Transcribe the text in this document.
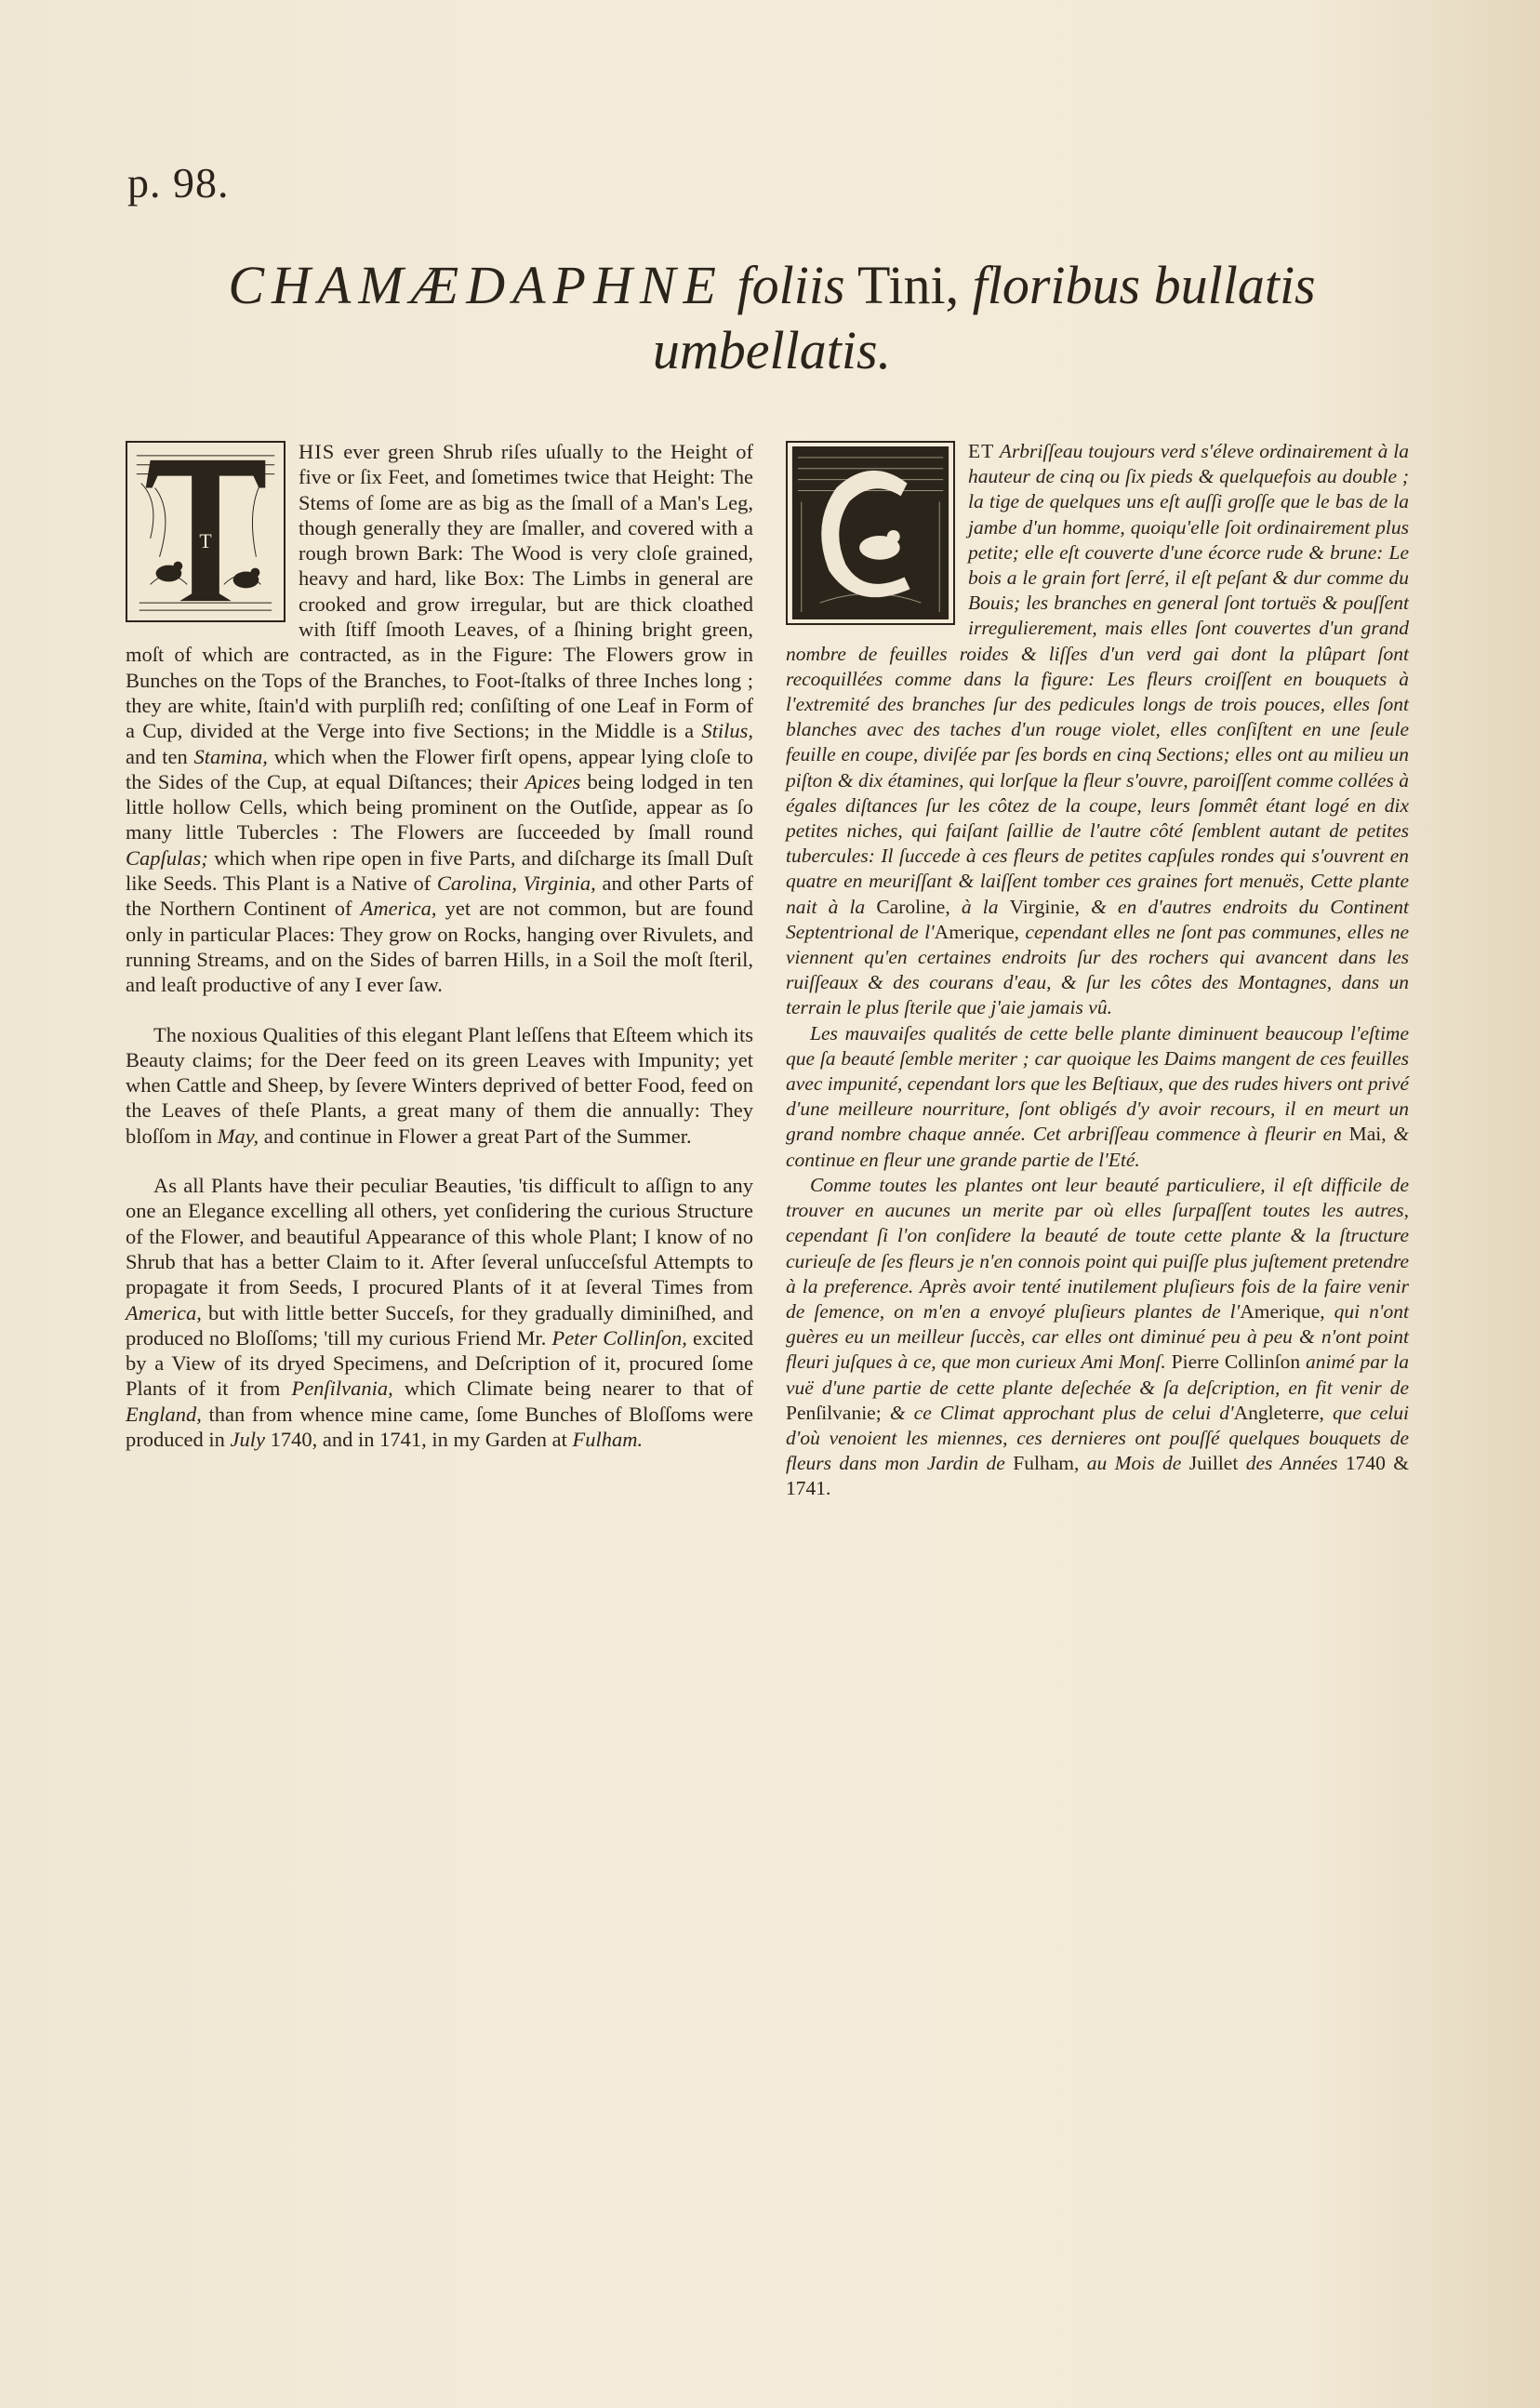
p. 98.
CHAMÆDAPHNE foliis Tini, floribus bullatis
umbellatis.

T
HIS ever green Shrub riſes uſually to the Height of five or ſix Feet, and ſometimes twice that Height: The Stems of ſome are as big as the ſmall of a Man's Leg, though generally they are ſmaller, and covered with a rough brown Bark: The Wood is very cloſe grained, heavy and hard, like Box: The Limbs in general are crooked and grow irregular, but are thick cloathed with ſtiff ſmooth Leaves, of a ſhining bright green, moſt of which are contracted, as in the Figure: The Flowers grow in Bunches on the Tops of the Branches, to Foot-ſtalks of three Inches long ; they are white, ſtain'd with purpliſh red; conſiſting of one Leaf in Form of a Cup, divided at the Verge into five Sections; in the Middle is a Stilus, and ten Stamina, which when the Flower firſt opens, appear lying cloſe to the Sides of the Cup, at equal Diſtances; their Apices being lodged in ten little hollow Cells, which being prominent on the Outſide, appear as ſo many little Tubercles : The Flowers are ſucceeded by ſmall round Capſulas; which when ripe open in five Parts, and diſcharge its ſmall Duſt like Seeds. This Plant is a Native of Carolina, Virginia, and other Parts of the Northern Continent of America, yet are not common, but are found only in particular Places: They grow on Rocks, hanging over Rivulets, and running Streams, and on the Sides of barren Hills, in a Soil the moſt ſteril, and leaſt productive of any I ever ſaw.

The noxious Qualities of this elegant Plant leſſens that Eſteem which its Beauty claims; for the Deer feed on its green Leaves with Impunity; yet when Cattle and Sheep, by ſevere Winters deprived of better Food, feed on the Leaves of theſe Plants, a great many of them die annually: They bloſſom in May, and continue in Flower a great Part of the Summer.

As all Plants have their peculiar Beauties, 'tis difficult to aſſign to any one an Elegance excelling all others, yet conſidering the curious Structure of the Flower, and beautiful Appearance of this whole Plant; I know of no Shrub that has a better Claim to it. After ſeveral unſucceſsful Attempts to propagate it from Seeds, I procured Plants of it at ſeveral Times from America, but with little better Succeſs, for they gradually diminiſhed, and produced no Bloſſoms; 'till my curious Friend Mr. Peter Collinſon, excited by a View of its dryed Specimens, and Deſcription of it, procured ſome Plants of it from Penſilvania, which Climate being nearer to that of England, than from whence mine came, ſome Bunches of Bloſſoms were produced in July 1740, and in 1741, in my Garden at Fulham.

C
ET Arbriſſeau toujours verd s'éleve ordinairement à la hauteur de cinq ou ſix pieds & quelquefois au double ; la tige de quelques uns eſt auſſi groſſe que le bas de la jambe d'un homme, quoiqu'elle ſoit ordinairement plus petite; elle eſt couverte d'une écorce rude & brune: Le bois a le grain fort ſerré, il eſt peſant & dur comme du Bouis; les branches en general ſont tortuës & pouſſent irregulierement, mais elles ſont couvertes d'un grand nombre de feuilles roides & liſſes d'un verd gai dont la plûpart ſont recoquillées comme dans la figure: Les fleurs croiſſent en bouquets à l'extremité des branches ſur des pedicules longs de trois pouces, elles ſont blanches avec des taches d'un rouge violet, elles conſiſtent en une ſeule feuille en coupe, diviſée par ſes bords en cinq Sections; elles ont au milieu un piſton & dix étamines, qui lorſque la fleur s'ouvre, paroiſſent comme collées à égales diſtances ſur les côtez de la coupe, leurs ſommêt étant logé en dix petites niches, qui faiſant ſaillie de l'autre côté ſemblent autant de petites tubercules: Il ſuccede à ces fleurs de petites capſules rondes qui s'ouvrent en quatre en meuriſſant & laiſſent tomber ces graines fort menuës, Cette plante nait à la Caroline, à la Virginie, & en d'autres endroits du Continent Septentrional de l'Amerique, cependant elles ne ſont pas communes, elles ne viennent qu'en certaines endroits ſur des rochers qui avancent dans les ruiſſeaux & des courans d'eau, & ſur les côtes des Montagnes, dans un terrain le plus ſterile que j'aie jamais vû.

Les mauvaiſes qualités de cette belle plante diminuent beaucoup l'eſtime que ſa beauté ſemble meriter ; car quoique les Daims mangent de ces feuilles avec impunité, cependant lors que les Beſtiaux, que des rudes hivers ont privé d'une meilleure nourriture, ſont obligés d'y avoir recours, il en meurt un grand nombre chaque année. Cet arbriſſeau commence à fleurir en Mai, & continue en fleur une grande partie de l'Eté.

Comme toutes les plantes ont leur beauté particuliere, il eſt difficile de trouver en aucunes un merite par où elles ſurpaſſent toutes les autres, cependant ſi l'on conſidere la beauté de toute cette plante & la ſtructure curieuſe de ſes fleurs je n'en connois point qui puiſſe plus juſtement pretendre à la preference. Après avoir tenté inutilement pluſieurs fois de la faire venir de ſemence, on m'en a envoyé pluſieurs plantes de l'Amerique, qui n'ont guères eu un meilleur ſuccès, car elles ont diminué peu à peu & n'ont point fleuri juſques à ce, que mon curieux Ami Monſ. Pierre Collinſon animé par la vuë d'une partie de cette plante deſechée & ſa deſcription, en fit venir de Penſilvanie; & ce Climat approchant plus de celui d'Angleterre, que celui d'où venoient les miennes, ces dernieres ont pouſſé quelques bouquets de fleurs dans mon Jardin de Fulham, au Mois de Juillet des Années 1740 & 1741.
